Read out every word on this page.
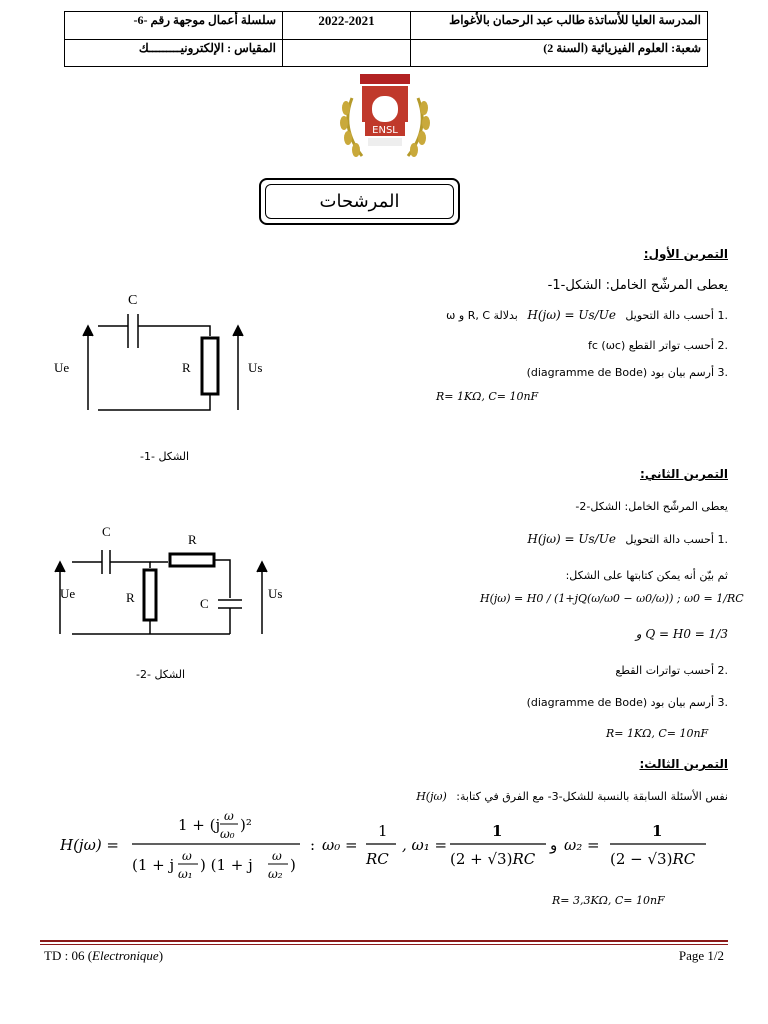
سلسلة أعمال موجهة رقم -6-	2022-2021	المدرسة العليا للأساتذة طالب عبد الرحمان بالأغواط
المقياس : الإلكترونيـــــــــك		شعبة: العلوم الفيزيائية (السنة 2)
ENSL
المرشحات
التمرين الأول:
يعطى المرشّح الخامل: الشكل-1-
.1 أحسب دالة التحويل H(jω) = Us/Ue بدلالة R, C و ω
.2 أحسب تواتر القطع (ωc) fc
.3 أرسم بيان بود (diagramme de Bode)
R= 1KΩ, C= 10nF
C
R
Ue	Us
الشكل -1-
التمرين الثاني:
يعطى المرشّح الخامل: الشكل-2-
.1 أحسب دالة التحويل H(jω) = Us/Ue
ثم بيّن أنه يمكن كتابتها على الشكل:
H(jω) = H0 / (1+jQ(ω/ω0 − ω0/ω)) ; ω0 = 1/RC
Q = H0 = 1/3 و
.2 أحسب تواترات القطع
.3 أرسم بيان بود (diagramme de Bode)
R= 1KΩ, C= 10nF
C
R
R
C
Ue	Us
الشكل -2-
التمرين الثالث:
نفس الأسئلة السابقة بالنسبة للشكل-3- مع الفرق في كتابة: H(jω)
H(jω) =
1 + (j ω
ω₀ )²
(1 + j ω
ω₁ ) (1 + j ω
ω₂ )
: ω₀ =
1
RC
, ω₁ =
1
(2 + √3)RC
و ω₂ =
1
(2 − √3)RC
R= 3,3KΩ, C= 10nF
TD : 06 (Electronique)	Page 1/2
